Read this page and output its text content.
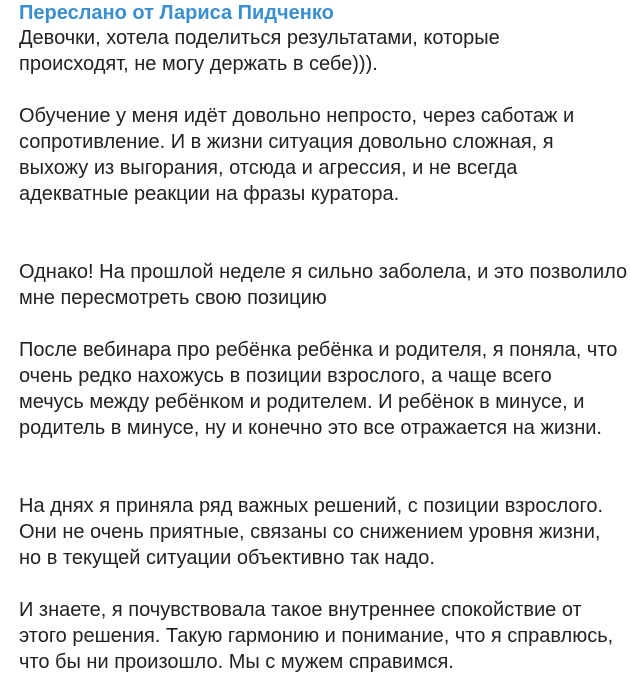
Переслано от Лариса Пидченко

Девочки, хотела поделиться результатами, которые
происходят, не могу держать в себе))).

Обучение у меня идёт довольно непросто, через саботаж и
сопротивление. И в жизни ситуация довольно сложная, я
выхожу из выгорания, отсюда и агрессия, и не всегда
адекватные реакции на фразы куратора.

Однако! На прошлой неделе я сильно заболела, и это позволило
мне пересмотреть свою позицию

После вебинара про ребёнка ребёнка и родителя, я поняла, что
очень редко нахожусь в позиции взрослого, а чаще всего
мечусь между ребёнком и родителем. И ребёнок в минусе, и
родитель в минусе, ну и конечно это все отражается на жизни.

На днях я приняла ряд важных решений, с позиции взрослого.
Они не очень приятные, связаны со снижением уровня жизни,
но в текущей ситуации объективно так надо.

И знаете, я почувствовала такое внутреннее спокойствие от
этого решения. Такую гармонию и понимание, что я справлюсь,
что бы ни произошло. Мы с мужем справимся.
